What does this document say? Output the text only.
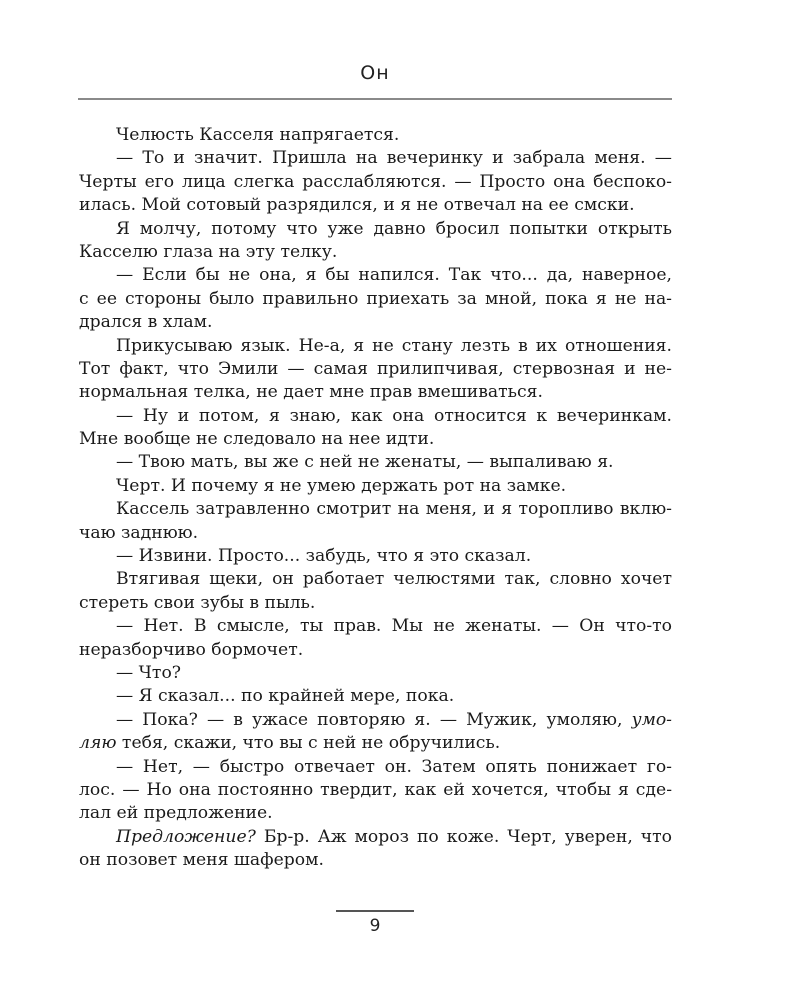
Он
Челюсть Касселя напрягается.
— То и значит. Пришла на вечеринку и забрала меня. —
Черты его лица слегка расслабляются. — Просто она беспоко-
илась. Мой сотовый разрядился, и я не отвечал на ее смски.
Я молчу, потому что уже давно бросил попытки открыть
Касселю глаза на эту телку.
— Если бы не она, я бы напился. Так что... да, наверное,
с ее стороны было правильно приехать за мной, пока я не на-
дрался в хлам.
Прикусываю язык. Не-а, я не стану лезть в их отношения.
Тот факт, что Эмили — самая прилипчивая, стервозная и не-
нормальная телка, не дает мне прав вмешиваться.
— Ну и потом, я знаю, как она относится к вечеринкам.
Мне вообще не следовало на нее идти.
— Твою мать, вы же с ней не женаты, — выпаливаю я.
Черт. И почему я не умею держать рот на замке.
Кассель затравленно смотрит на меня, и я торопливо вклю-
чаю заднюю.
— Извини. Просто... забудь, что я это сказал.
Втягивая щеки, он работает челюстями так, словно хочет
стереть свои зубы в пыль.
— Нет. В смысле, ты прав. Мы не женаты. — Он что-то
неразборчиво бормочет.
— Что?
— Я сказал... по крайней мере, пока.
— Пока? — в ужасе повторяю я. — Мужик, умоляю, умо-
ляю тебя, скажи, что вы с ней не обручились.
— Нет, — быстро отвечает он. Затем опять понижает го-
лос. — Но она постоянно твердит, как ей хочется, чтобы я сде-
лал ей предложение.
Предложение? Бр-р. Аж мороз по коже. Черт, уверен, что
он позовет меня шафером.
9
